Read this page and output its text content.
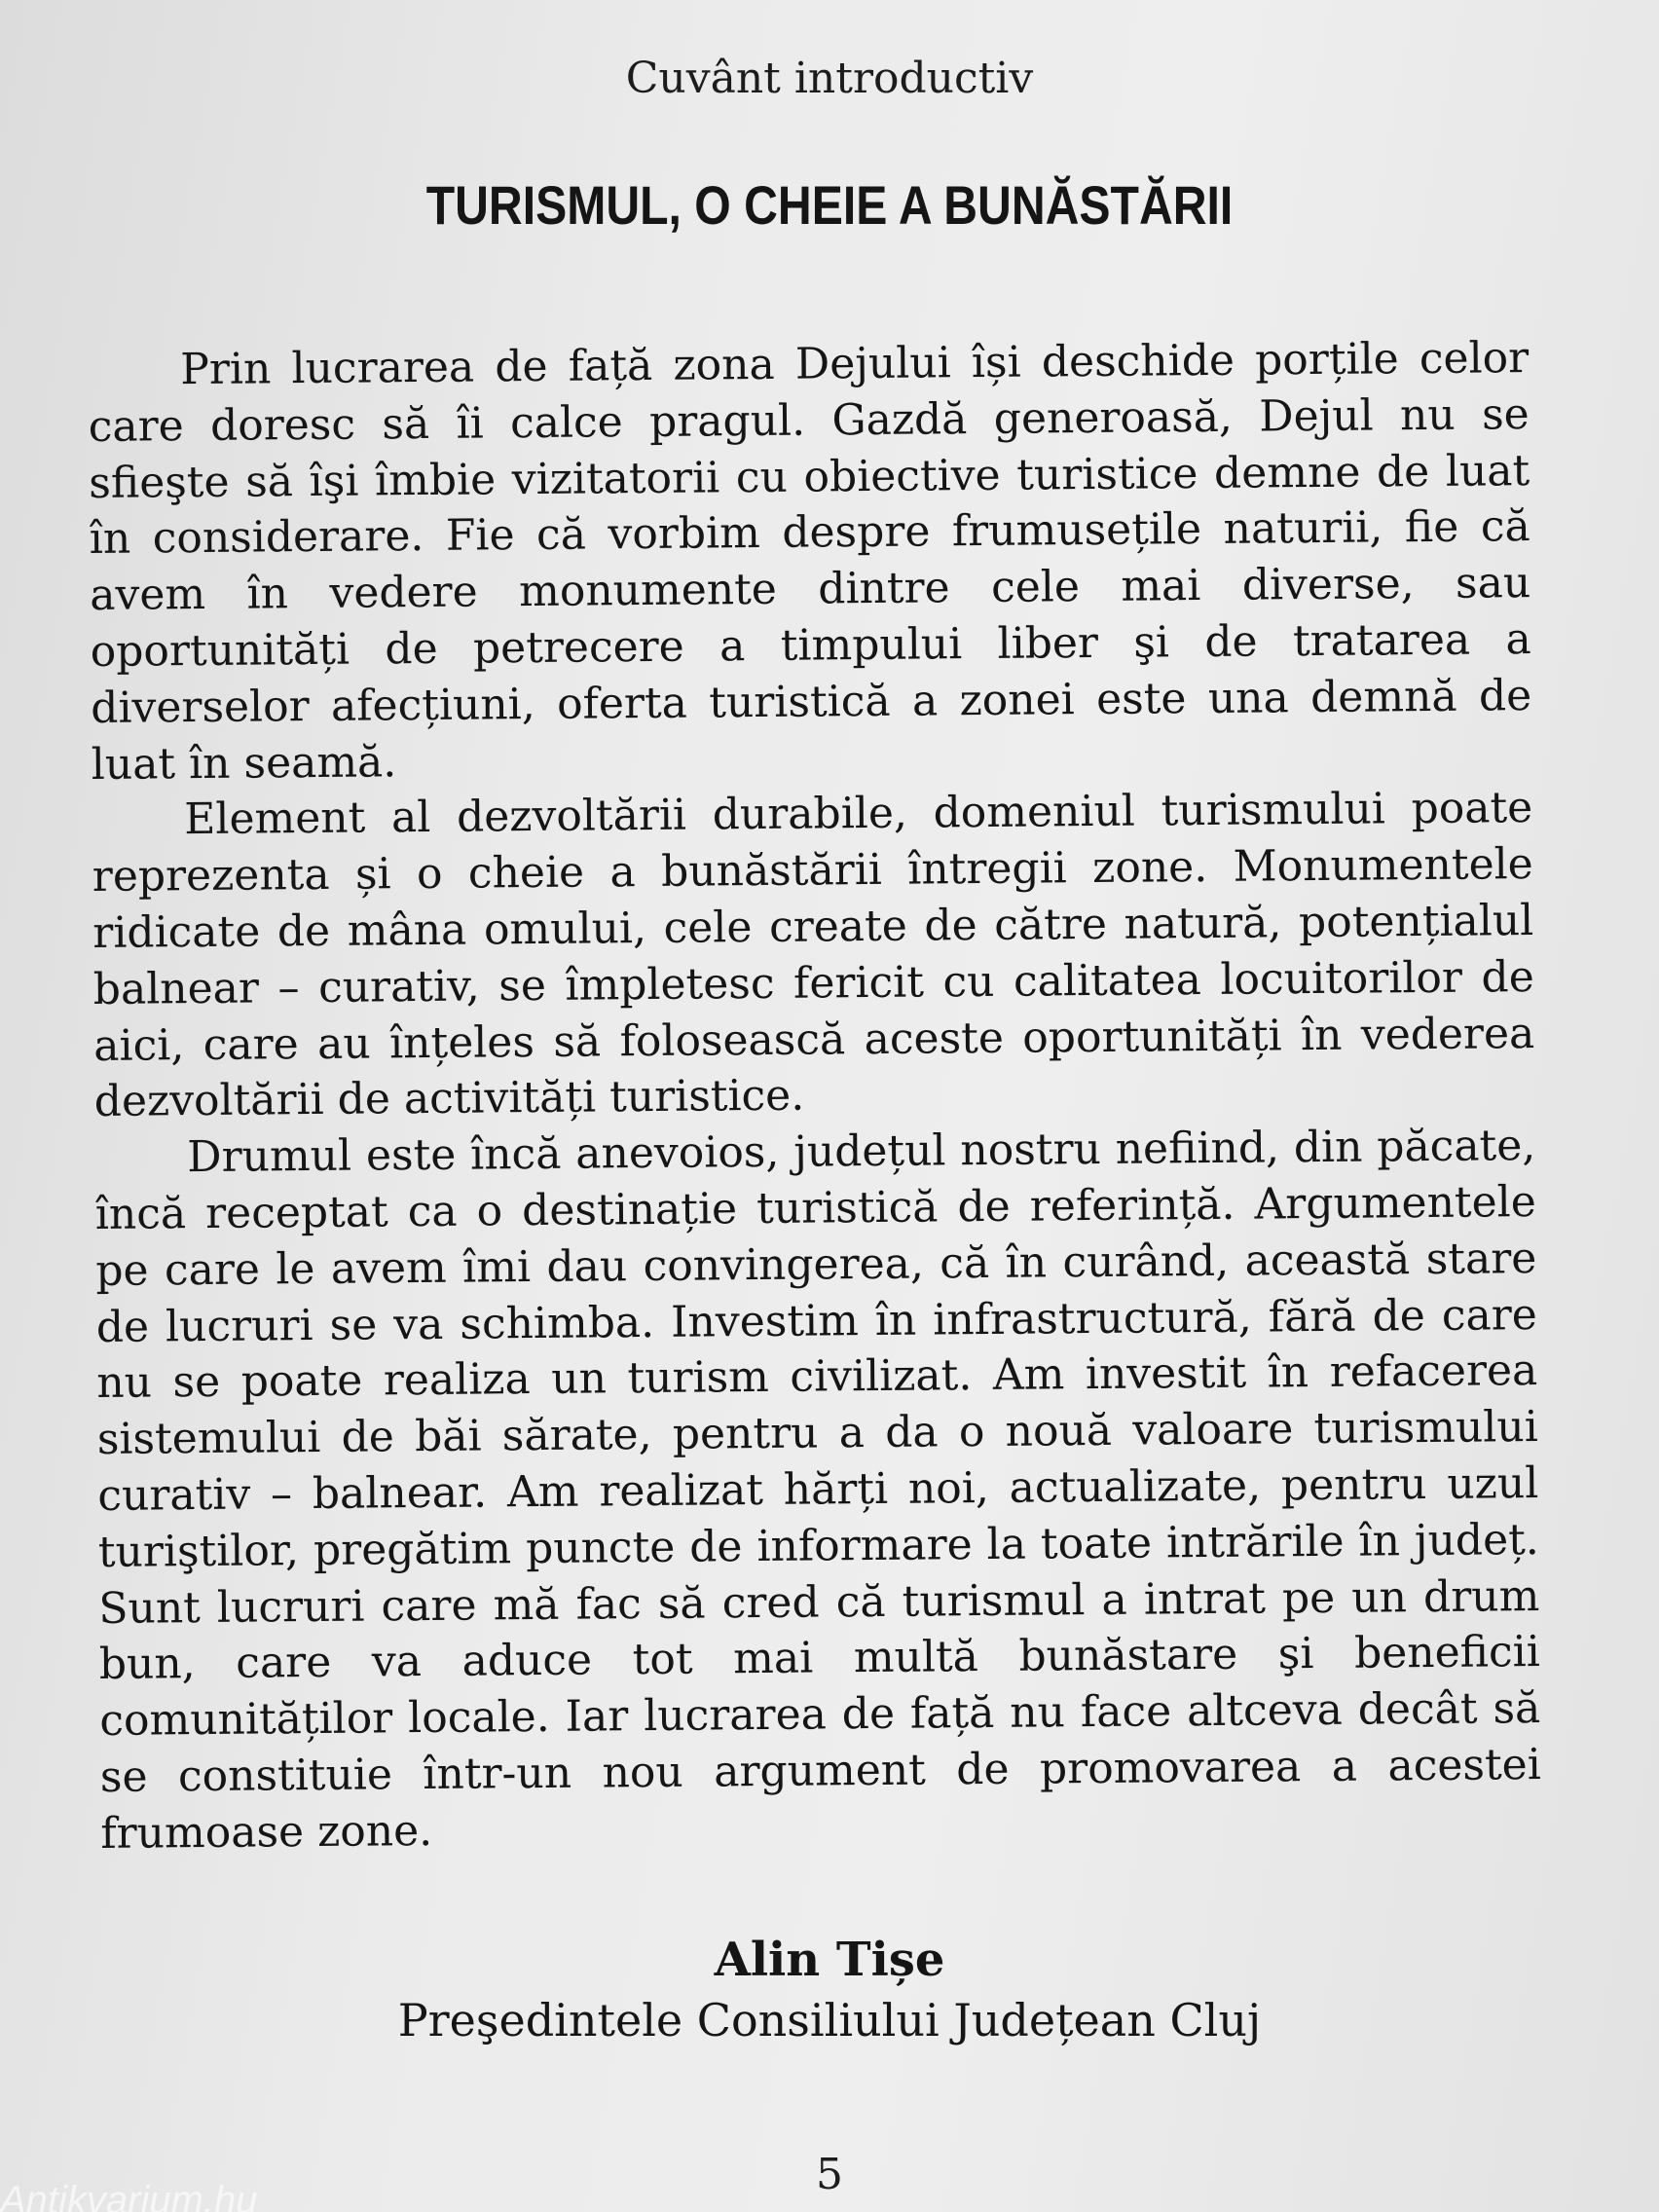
Cuvânt introductiv
TURISMUL, O CHEIE A BUNĂSTĂRII

Prin lucrarea de față zona Dejului își deschide porțile celor care doresc să îi calce pragul. Gazdă generoasă, Dejul nu se sfieşte să îşi îmbie vizitatorii cu obiective turistice demne de luat în considerare. Fie că vorbim despre frumusețile naturii, fie că avem în vedere monumente dintre cele mai diverse, sau oportunități de petrecere a timpului liber şi de tratarea a diverselor afecțiuni, oferta turistică a zonei este una demnă de luat în seamă.

Element al dezvoltării durabile, domeniul turismului poate reprezenta și o cheie a bunăstării întregii zone. Monumentele ridicate de mâna omului, cele create de către natură, potențialul balnear – curativ, se împletesc fericit cu calitatea locuitorilor de aici, care au înțeles să folosească aceste oportunități în vederea dezvoltării de activități turistice.

Drumul este încă anevoios, județul nostru nefiind, din păcate, încă receptat ca o destinație turistică de referință. Argumentele pe care le avem îmi dau convingerea, că în curând, această stare de lucruri se va schimba. Investim în infrastructură, fără de care nu se poate realiza un turism civilizat. Am investit în refacerea sistemului de băi sărate, pentru a da o nouă valoare turismului curativ – balnear. Am realizat hărți noi, actualizate, pentru uzul turiştilor, pregătim puncte de informare la toate intrările în județ. Sunt lucruri care mă fac să cred că turismul a intrat pe un drum bun, care va aduce tot mai multă bunăstare şi beneficii comunităților locale. Iar lucrarea de față nu face altceva decât să se constituie într-un nou argument de promovarea a acestei frumoase zone.

Alin Tișe
Preşedintele Consiliului Județean Cluj
5
Antikvarium.hu
